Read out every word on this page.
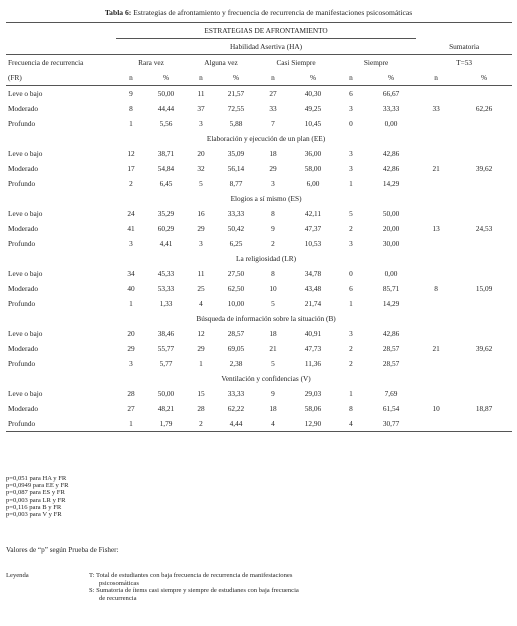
Tabla 6: Estrategias de afrontamiento y frecuencia de recurrencia de manifestaciones psicosomáticas
	ESTRATEGIAS DE AFRONTAMIENTO									
	Habilidad Asertiva (HA)								Sumatoria	
Frecuencia de recurrencia	Rara vez		Alguna vez		Casi Siempre		Siempre		T=53	
(FR)	n	%	n	%	n	%	n	%	n	%
Leve o bajo	9	50,00	11	21,57	27	40,30	6	66,67		
Moderado	8	44,44	37	72,55	33	49,25	3	33,33	33	62,26
Profundo	1	5,56	3	5,88	7	10,45	0	0,00		
	Elaboración y ejecución de un plan (EE)									
Leve o bajo	12	38,71	20	35,09	18	36,00	3	42,86		
Moderado	17	54,84	32	56,14	29	58,00	3	42,86	21	39,62
Profundo	2	6,45	5	8,77	3	6,00	1	14,29		
	Elogios a sí mismo (ES)									
Leve o bajo	24	35,29	16	33,33	8	42,11	5	50,00		
Moderado	41	60,29	29	50,42	9	47,37	2	20,00	13	24,53
Profundo	3	4,41	3	6,25	2	10,53	3	30,00		
	La religiosidad (LR)									
Leve o bajo	34	45,33	11	27,50	8	34,78	0	0,00		
Moderado	40	53,33	25	62,50	10	43,48	6	85,71	8	15,09
Profundo	1	1,33	4	10,00	5	21,74	1	14,29		
	Búsqueda de información sobre la situación (B)									
Leve o bajo	20	38,46	12	28,57	18	40,91	3	42,86		
Moderado	29	55,77	29	69,05	21	47,73	2	28,57	21	39,62
Profundo	3	5,77	1	2,38	5	11,36	2	28,57		
	Ventilación y confidencias (V)									
Leve o bajo	28	50,00	15	33,33	9	29,03	1	7,69		
Moderado	27	48,21	28	62,22	18	58,06	8	61,54	10	18,87
Profundo	1	1,79	2	4,44	4	12,90	4	30,77		
p=0,051 para HA y FR
p=0,0949 para EE y FR
p=0,087 para ES y FR
p=0,003 para LR y FR
p=0,116 para B y FR
p=0,003 para V y FR
Valores de “p” según Prueba de Fisher:
Leyenda	T: Total de estudiantes con baja frecuencia de recurrencia de manifestaciones
psicosomáticas
S: Sumatoria de ítems casi siempre y siempre de estudianes con baja frecuencia
de recurrencia
